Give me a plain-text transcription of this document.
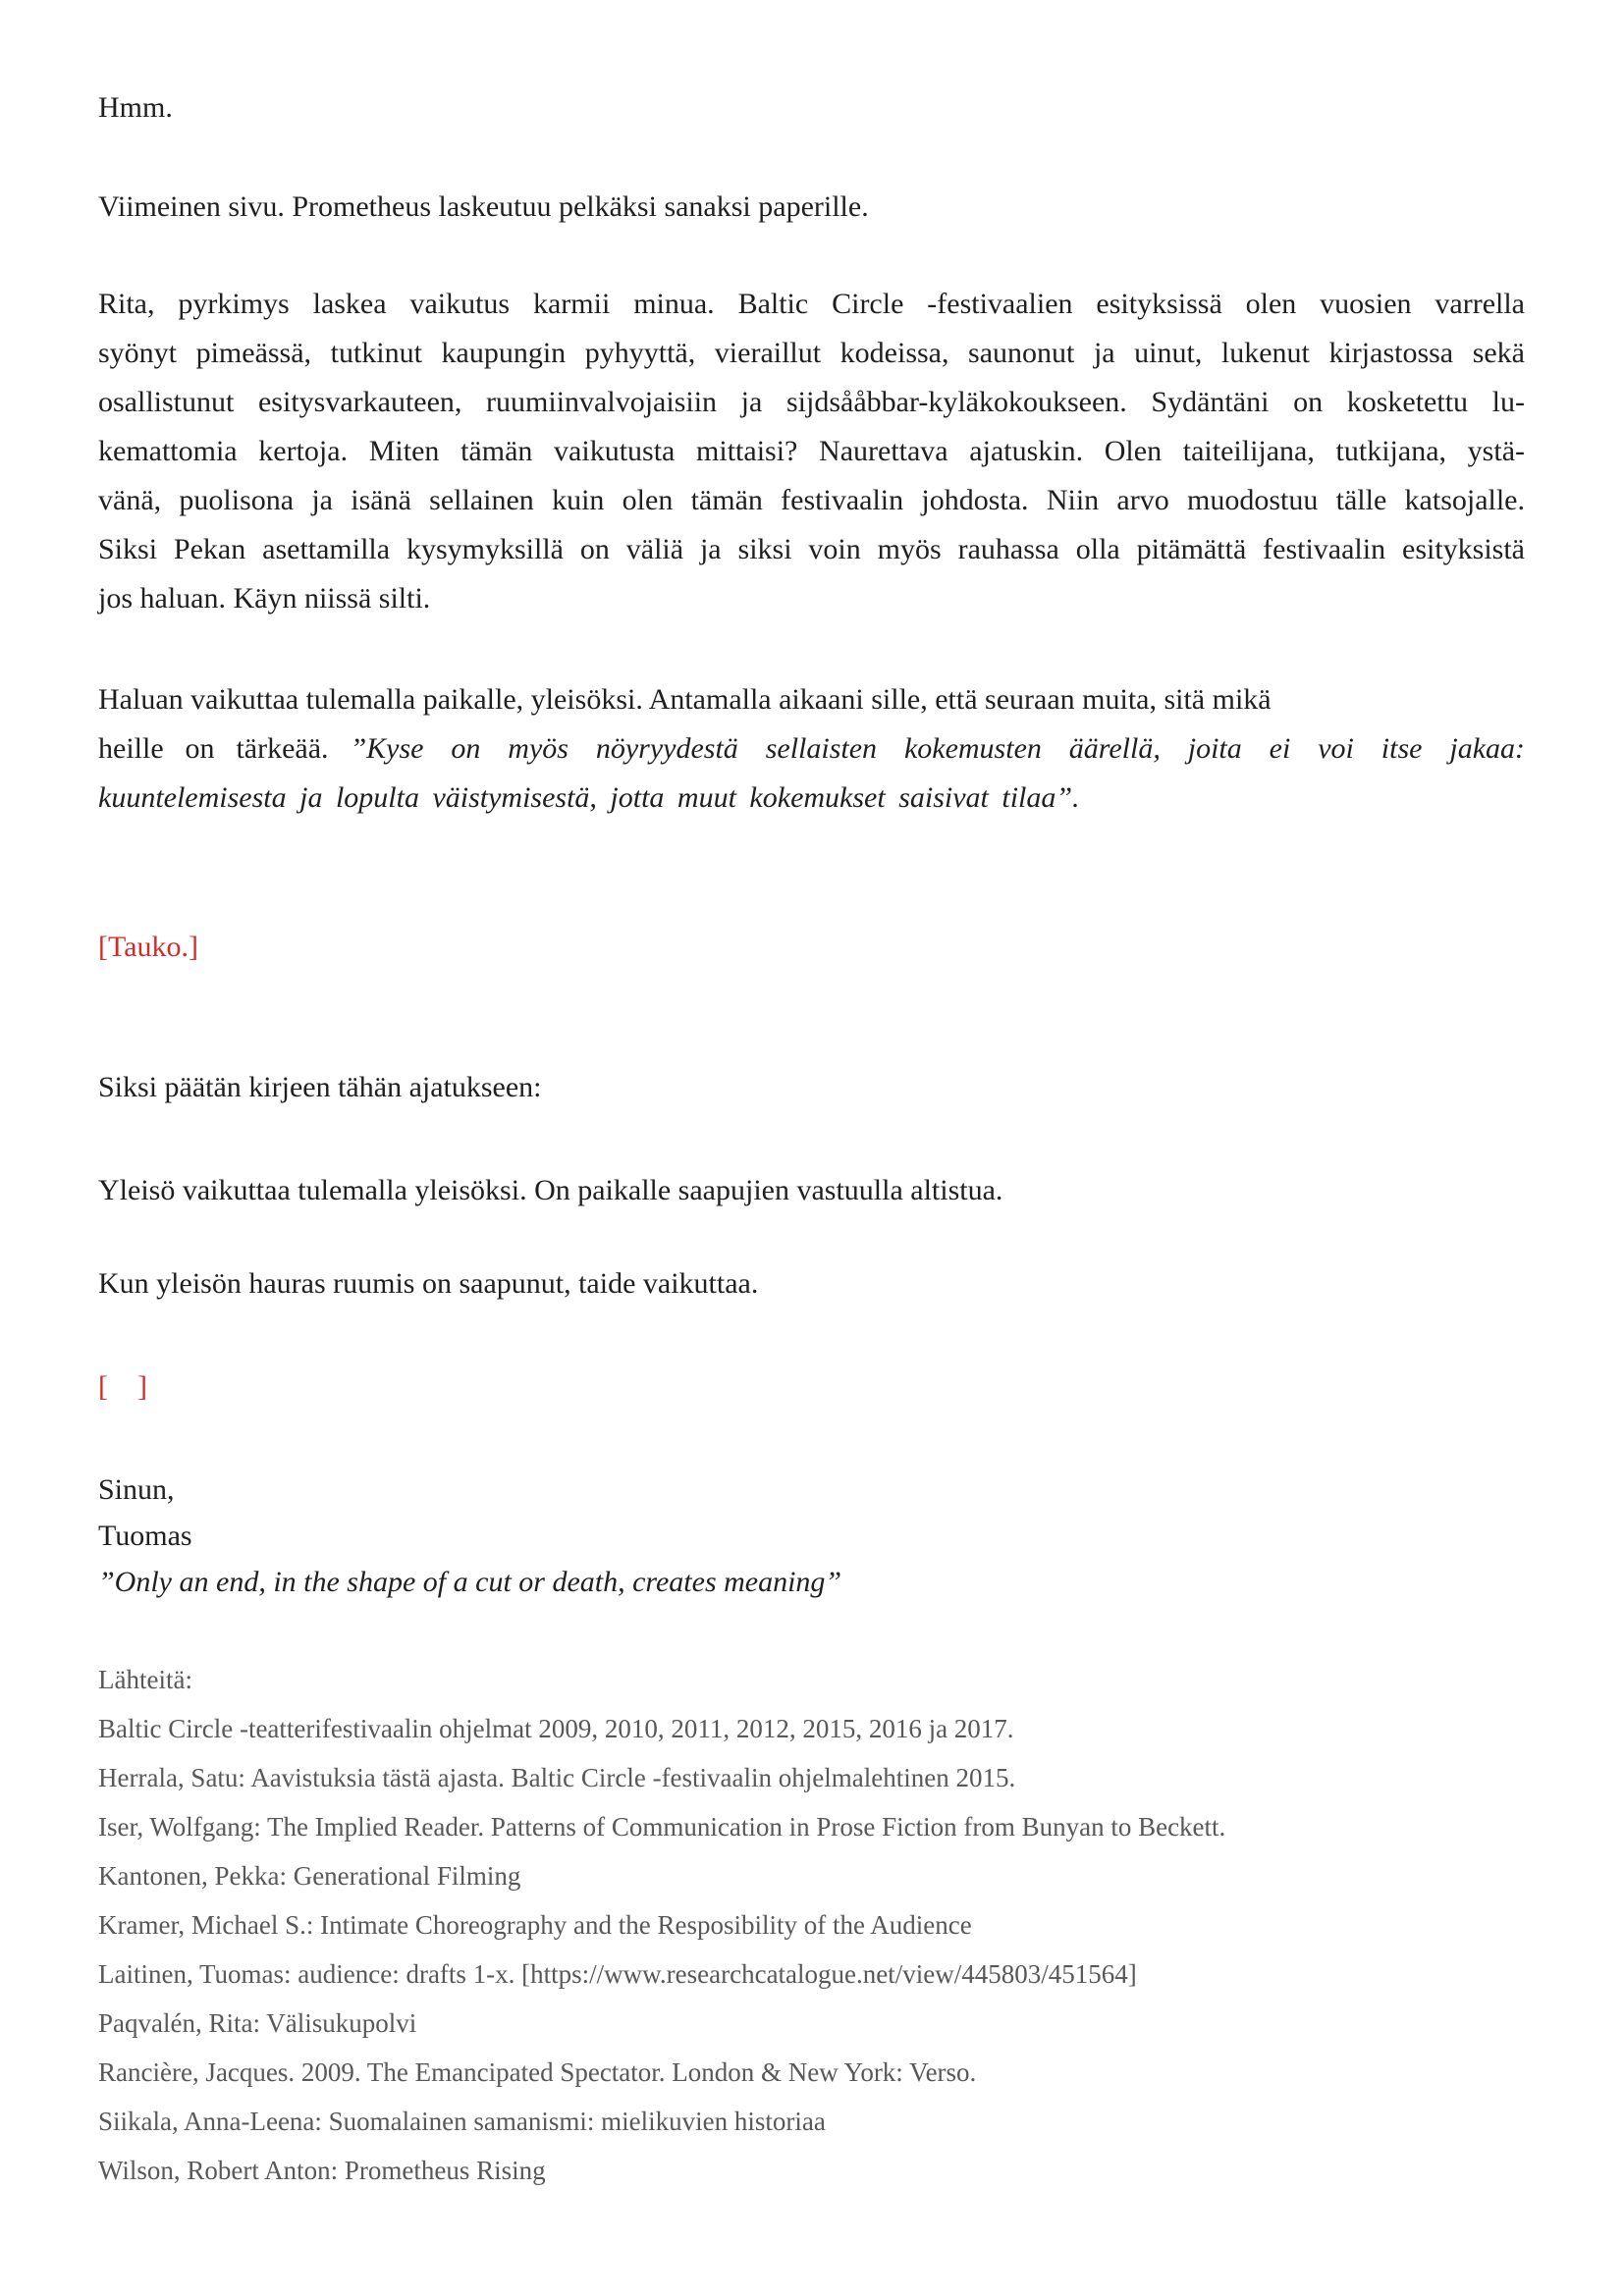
Hmm.

Viimeinen sivu. Prometheus laskeutuu pelkäksi sanaksi paperille.

Rita, pyrkimys laskea vaikutus karmii minua. Baltic Circle -festivaalien esityksissä olen vuosien varrella
syönyt pimeässä, tutkinut kaupungin pyhyyttä, vieraillut kodeissa, saunonut ja uinut, lukenut kirjastossa sekä
osallistunut esitysvarkauteen, ruumiinvalvojaisiin ja sijdsååbbar-kyläkokoukseen. Sydäntäni on kosketettu lu-
kemattomia kertoja. Miten tämän vaikutusta mittaisi? Naurettava ajatuskin. Olen taiteilijana, tutkijana, ystä-
vänä, puolisona ja isänä sellainen kuin olen tämän festivaalin johdosta. Niin arvo muodostuu tälle katsojalle.
Siksi Pekan asettamilla kysymyksillä on väliä ja siksi voin myös rauhassa olla pitämättä festivaalin esityksistä
jos haluan. Käyn niissä silti.
Haluan vaikuttaa tulemalla paikalle, yleisöksi. Antamalla aikaani sille, että seuraan muita, sitä mikä
heille on tärkeää. ”Kyse on myös nöyryydestä sellaisten kokemusten äärellä, joita ei voi itse jakaa:
kuuntelemisesta ja lopulta väistymisestä, jotta muut kokemukset saisivat tilaa”.

[Tauko.]

Siksi päätän kirjeen tähän ajatukseen:

Yleisö vaikuttaa tulemalla yleisöksi. On paikalle saapujien vastuulla altistua.

Kun yleisön hauras ruumis on saapunut, taide vaikuttaa.

[    ]

Sinun,

Tuomas

”Only an end, in the shape of a cut or death, creates meaning”

Lähteitä:

Baltic Circle -teatterifestivaalin ohjelmat 2009, 2010, 2011, 2012, 2015, 2016 ja 2017.

Herrala, Satu: Aavistuksia tästä ajasta. Baltic Circle -festivaalin ohjelmalehtinen 2015.

Iser, Wolfgang: The Implied Reader. Patterns of Communication in Prose Fiction from Bunyan to Beckett.

Kantonen, Pekka: Generational Filming

Kramer, Michael S.: Intimate Choreography and the Resposibility of the Audience

Laitinen, Tuomas: audience: drafts 1-x. [https://www.researchcatalogue.net/view/445803/451564]

Paqvalén, Rita: Välisukupolvi

Rancière, Jacques. 2009. The Emancipated Spectator. London & New York: Verso.

Siikala, Anna-Leena: Suomalainen samanismi: mielikuvien historiaa

Wilson, Robert Anton: Prometheus Rising
